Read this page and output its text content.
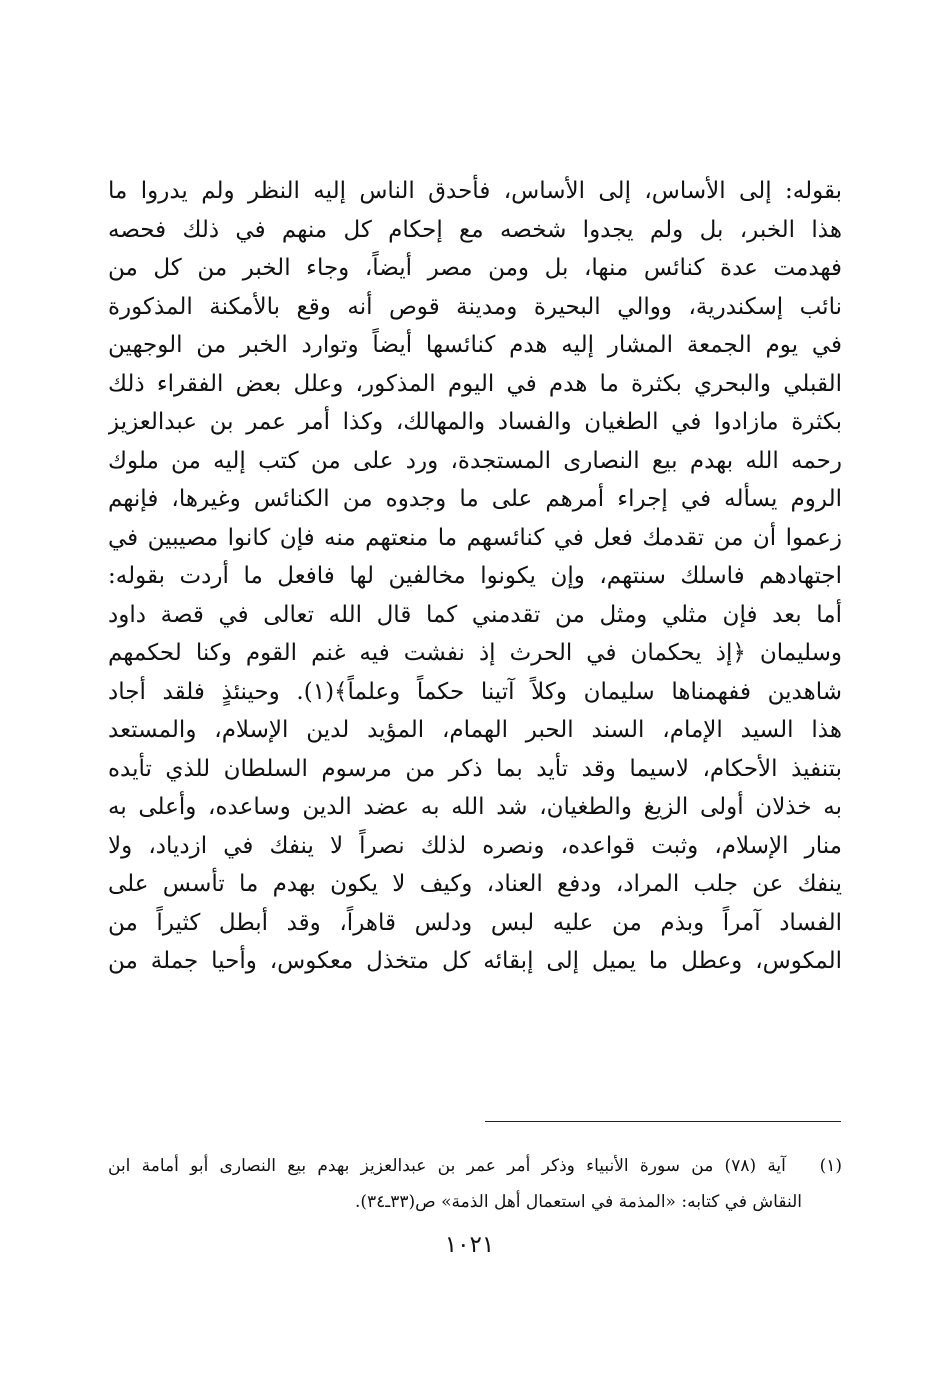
بقوله: إلى الأساس، إلى الأساس، فأحدق الناس إليه النظر ولم يدروا ما
هذا الخبر، بل ولم يجدوا شخصه مع إحكام كل منهم في ذلك فحصه
فهدمت عدة كنائس منها، بل ومن مصر أيضاً، وجاء الخبر من كل من
نائب إسكندرية، ووالي البحيرة ومدينة قوص أنه وقع بالأمكنة المذكورة
في يوم الجمعة المشار إليه هدم كنائسها أيضاً وتوارد الخبر من الوجهين
القبلي والبحري بكثرة ما هدم في اليوم المذكور، وعلل بعض الفقراء ذلك
بكثرة مازادوا في الطغيان والفساد والمهالك، وكذا أمر عمر بن عبدالعزيز
رحمه الله بهدم بيع النصارى المستجدة، ورد على من كتب إليه من ملوك
الروم يسأله في إجراء أمرهم على ما وجدوه من الكنائس وغيرها، فإنهم
زعموا أن من تقدمك فعل في كنائسهم ما منعتهم منه فإن كانوا مصيبين في
اجتهادهم فاسلك سنتهم، وإن يكونوا مخالفين لها فافعل ما أردت بقوله:
أما بعد فإن مثلي ومثل من تقدمني كما قال الله تعالى في قصة داود
وسليمان ﴿إذ يحكمان في الحرث إذ نفشت فيه غنم القوم وكنا لحكمهم
شاهدين ففهمناها سليمان وكلاً آتينا حكماً وعلماً﴾(١). وحينئذٍ فلقد أجاد
هذا السيد الإمام، السند الحبر الهمام، المؤيد لدين الإسلام، والمستعد
بتنفيذ الأحكام، لاسيما وقد تأيد بما ذكر من مرسوم السلطان للذي تأيده
به خذلان أولى الزيغ والطغيان، شد الله به عضد الدين وساعده، وأعلى به
منار الإسلام، وثبت قواعده، ونصره لذلك نصراً لا ينفك في ازدياد، ولا
ينفك عن جلب المراد، ودفع العناد، وكيف لا يكون بهدم ما تأسس على
الفساد آمراً وبذم من عليه لبس ودلس قاهراً، وقد أبطل كثيراً من
المكوس، وعطل ما يميل إلى إبقائه كل متخذل معكوس، وأحيا جملة من
(١)   آية (٧٨) من سورة الأنبياء وذكر أمر عمر بن عبدالعزيز بهدم بيع النصارى أبو أمامة ابن
النقاش في كتابه: «المذمة في استعمال أهل الذمة» ص(٣٣ـ٣٤).
١٠٢١
